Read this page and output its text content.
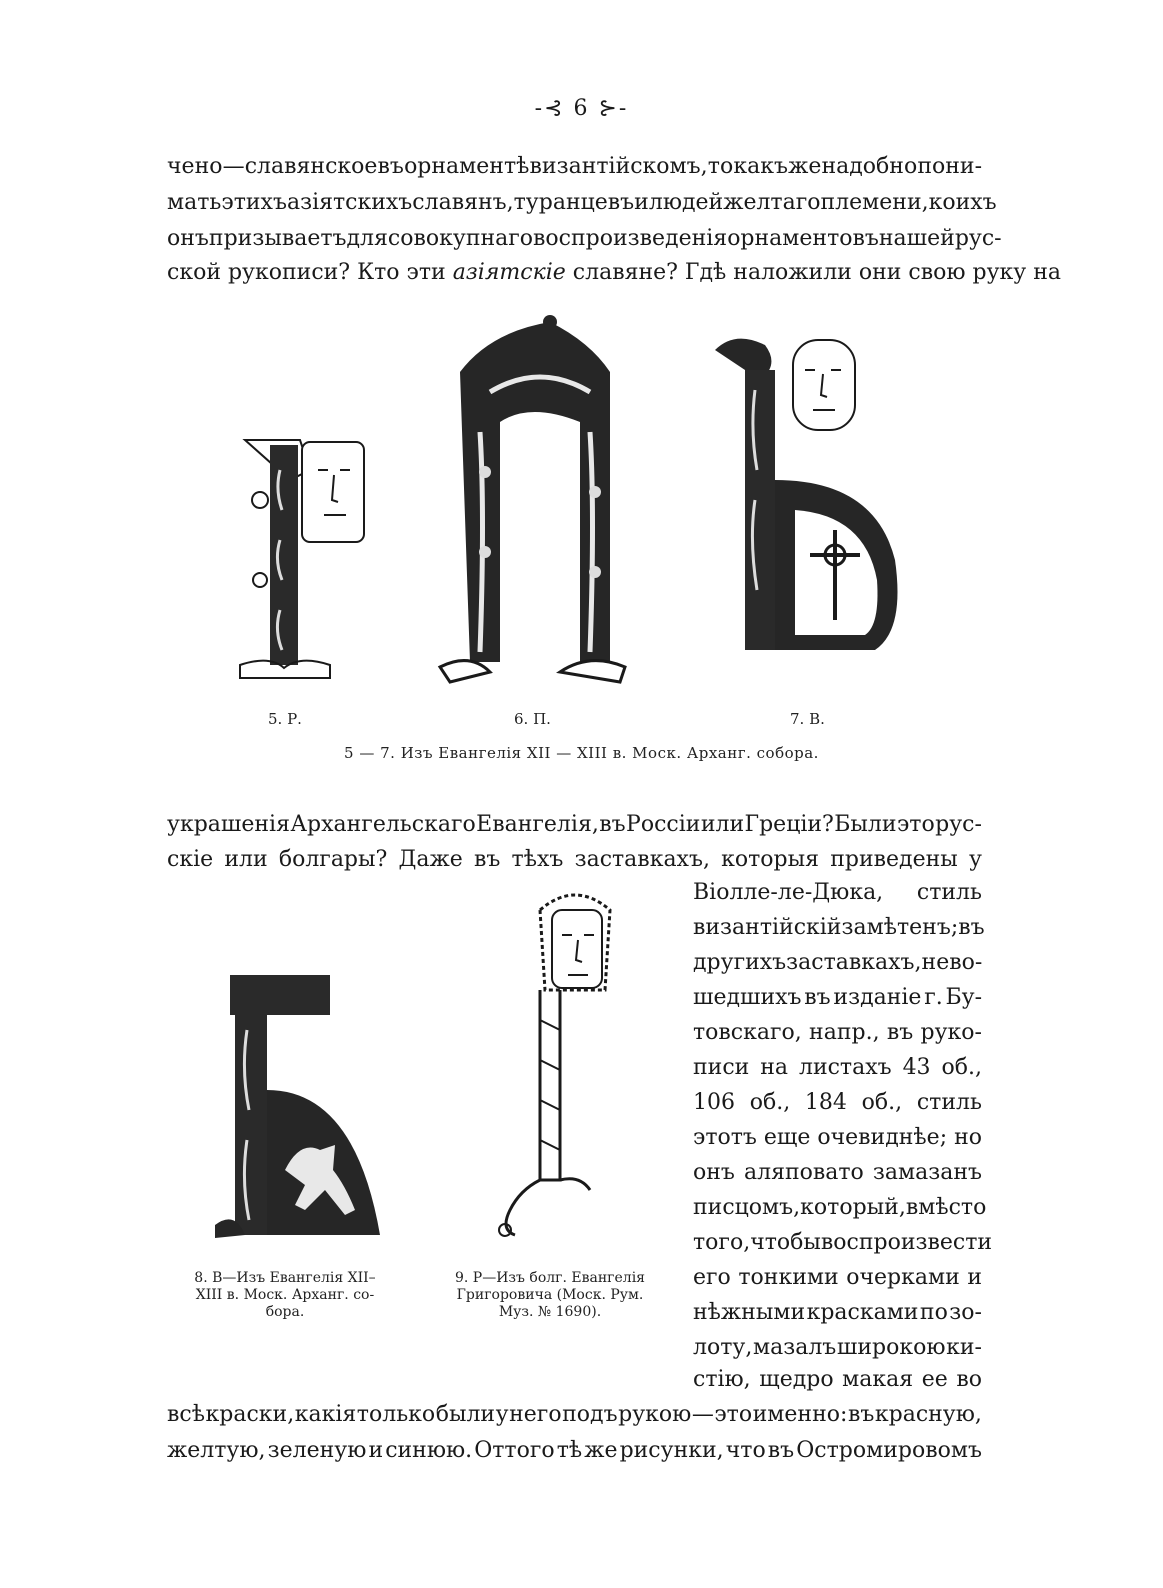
-⊰ 6 ⊱-
чено — славянское въ орнаментѣ византійскомъ, то какъ же надобно пони-
мать этихъ азіятскихъ славянъ, туранцевъ и людей желтаго племени, коихъ
онъ призываетъ для совокупнаго воспроизведенія орнаментовъ нашей рус-
ской рукописи? Кто эти азіятскіе славяне? Гдѣ наложили они свою руку на
5. Р.	6. П.	7. В.
5 — 7. Изъ Евангелія XII — XIII в. Моск. Арханг. собора.
украшенія Архангельскаго Евангелія, въ Россіи или Греціи? Были это рус-
скіе или болгары? Даже въ тѣхъ заставкахъ, которыя приведены у
Віолле-ле-Дюка, стиль
византійскій замѣтенъ; въ
другихъ заставкахъ, не во-
шедшихъ въ изданіе г. Бу-
товскаго, напр., въ руко-
писи на листахъ 43 об.,
106 об., 184 об., стиль
этотъ еще очевиднѣе; но
онъ аляповато замазанъ
писцомъ, который, вмѣсто
того, чтобы воспроизвести
его тонкими очерками и
нѣжными красками по зо-
лоту, мазалъ широкою ки-
стію, щедро макая ее во
8. В—Изъ Евангелія XII–
XIII в. Моск. Арханг. со-
бора.
9. Р—Изъ болг. Евангелія
Григоровича (Моск. Рум.
Муз. № 1690).
всѣ краски, какія только были у него подъ рукою — это именно: въ красную,
желтую, зеленую и синюю. Оттого тѣ же рисунки, что въ Остромировомъ
